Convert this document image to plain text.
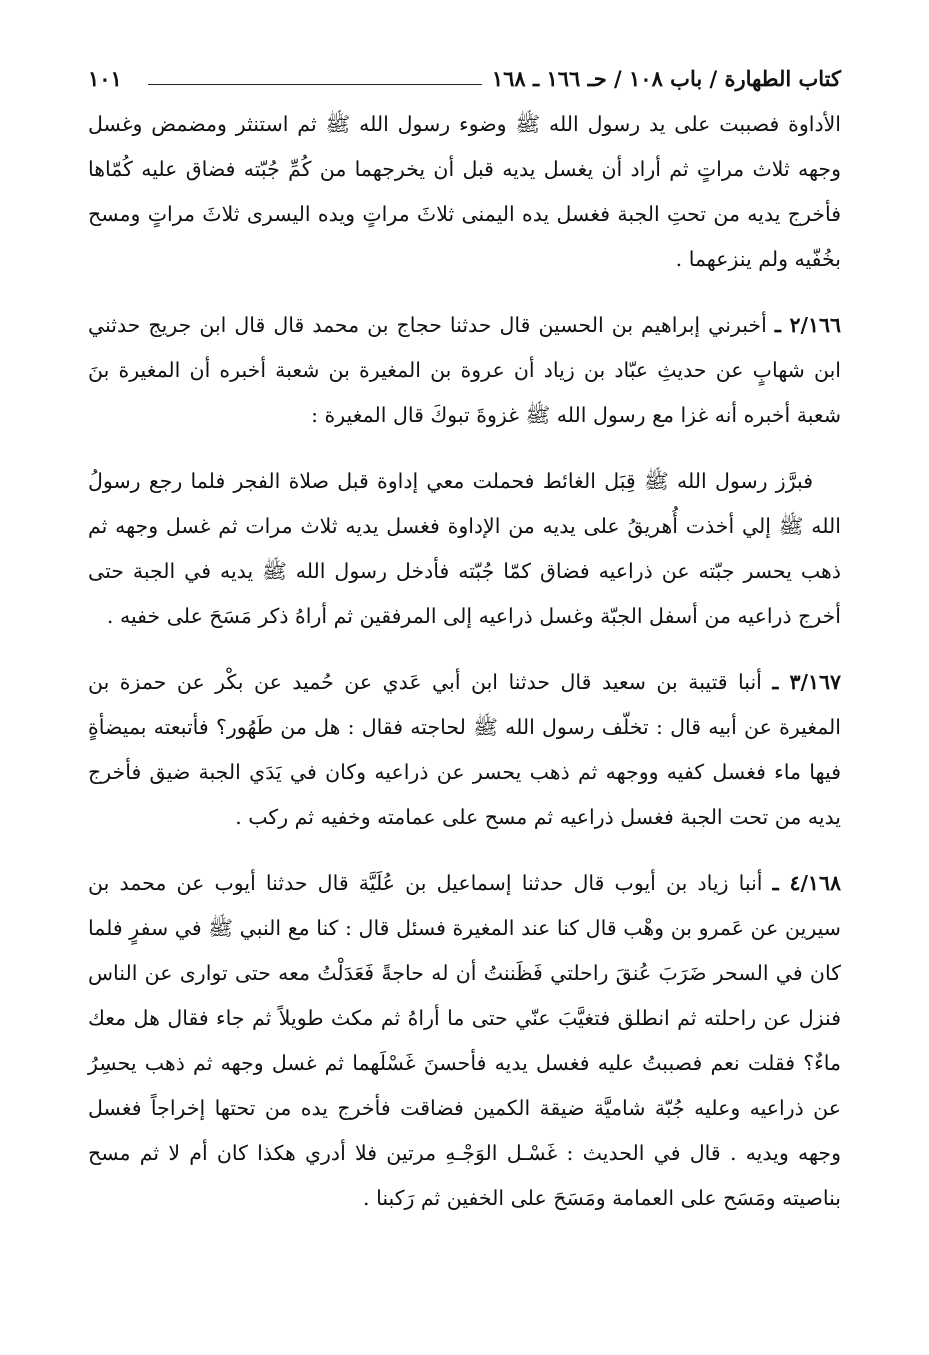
كتاب الطهارة / باب ١٠٨ / حـ ١٦٦ ـ ١٦٨
١٠١

الأداوة فصببت على يد رسول الله ﷺ وضوء رسول الله ﷺ ثم استنثر ومضمض وغسل وجهه ثلاث مراتٍ ثم أراد أن يغسل يديه قبل أن يخرجهما من كُمِّ جُبّته فضاق عليه كُمّاها فأخرج يديه من تحتِ الجبة فغسل يده اليمنى ثلاثَ مراتٍ ويده اليسرى ثلاثَ مراتٍ ومسح بخُفّيه ولم ينزعهما .

٢/١٦٦ ـ أخبرني إبراهيم بن الحسين قال حدثنا حجاج بن محمد قال قال ابن جريج حدثني ابن شهابٍ عن حديثِ عبّاد بن زياد أن عروة بن المغيرة بن شعبة أخبره أن المغيرة بنَ شعبة أخبره أنه غزا مع رسول الله ﷺ غزوةَ تبوكَ قال المغيرة :

فبرَّز رسول الله ﷺ قِبَل الغائط فحملت معي إداوة قبل صلاة الفجر فلما رجع رسولُ الله ﷺ إلي أخذت أُهريقُ على يديه من الإداوة فغسل يديه ثلاث مرات ثم غسل وجهه ثم ذهب يحسر جبّته عن ذراعيه فضاق كمّا جُبّته فأدخل رسول الله ﷺ يديه في الجبة حتى أخرج ذراعيه من أسفل الجبّة وغسل ذراعيه إلى المرفقين ثم أراهُ ذكر مَسَحَ على خفيه .

٣/١٦٧ ـ أنبا قتيبة بن سعيد قال حدثنا ابن أبي عَدي عن حُميد عن بكْر عن حمزة بن المغيرة عن أبيه قال : تخلّف رسول الله ﷺ لحاجته فقال : هل من طَهُور؟ فأتبعته بميضأةٍ فيها ماء فغسل كفيه ووجهه ثم ذهب يحسر عن ذراعيه وكان في يَدَي الجبة ضيق فأخرج يديه من تحت الجبة فغسل ذراعيه ثم مسح على عمامته وخفيه ثم ركب .

٤/١٦٨ ـ أنبا زياد بن أيوب قال حدثنا إسماعيل بن عُلَيَّة قال حدثنا أيوب عن محمد بن سيرين عن عَمرو بن وهْب قال كنا عند المغيرة فسئل قال : كنا مع النبي ﷺ في سفرٍ فلما كان في السحر ضَرَبَ عُنقَ راحلتي فَظَننتُ أن له حاجةً فَعَدَلْتُ معه حتى توارى عن الناس فنزل عن راحلته ثم انطلق فتغيَّبَ عنّي حتى ما أراهُ ثم مكث طويلاً ثم جاء فقال هل معك ماءٌ؟ فقلت نعم فصببتُ عليه فغسل يديه فأحسنَ غَسْلَهما ثم غسل وجهه ثم ذهب يحسِرُ عن ذراعيه وعليه جُبّة شاميَّة ضيقة الكمين فضاقت فأخرج يده من تحتها إخراجاً فغسل وجهه ويديه . قال في الحديث : غَسْـل الوَجْـهِ مرتين فلا أدري هكذا كان أم لا ثم مسح بناصيته ومَسَح على العمامة ومَسَحَ على الخفين ثم رَكبنا .
